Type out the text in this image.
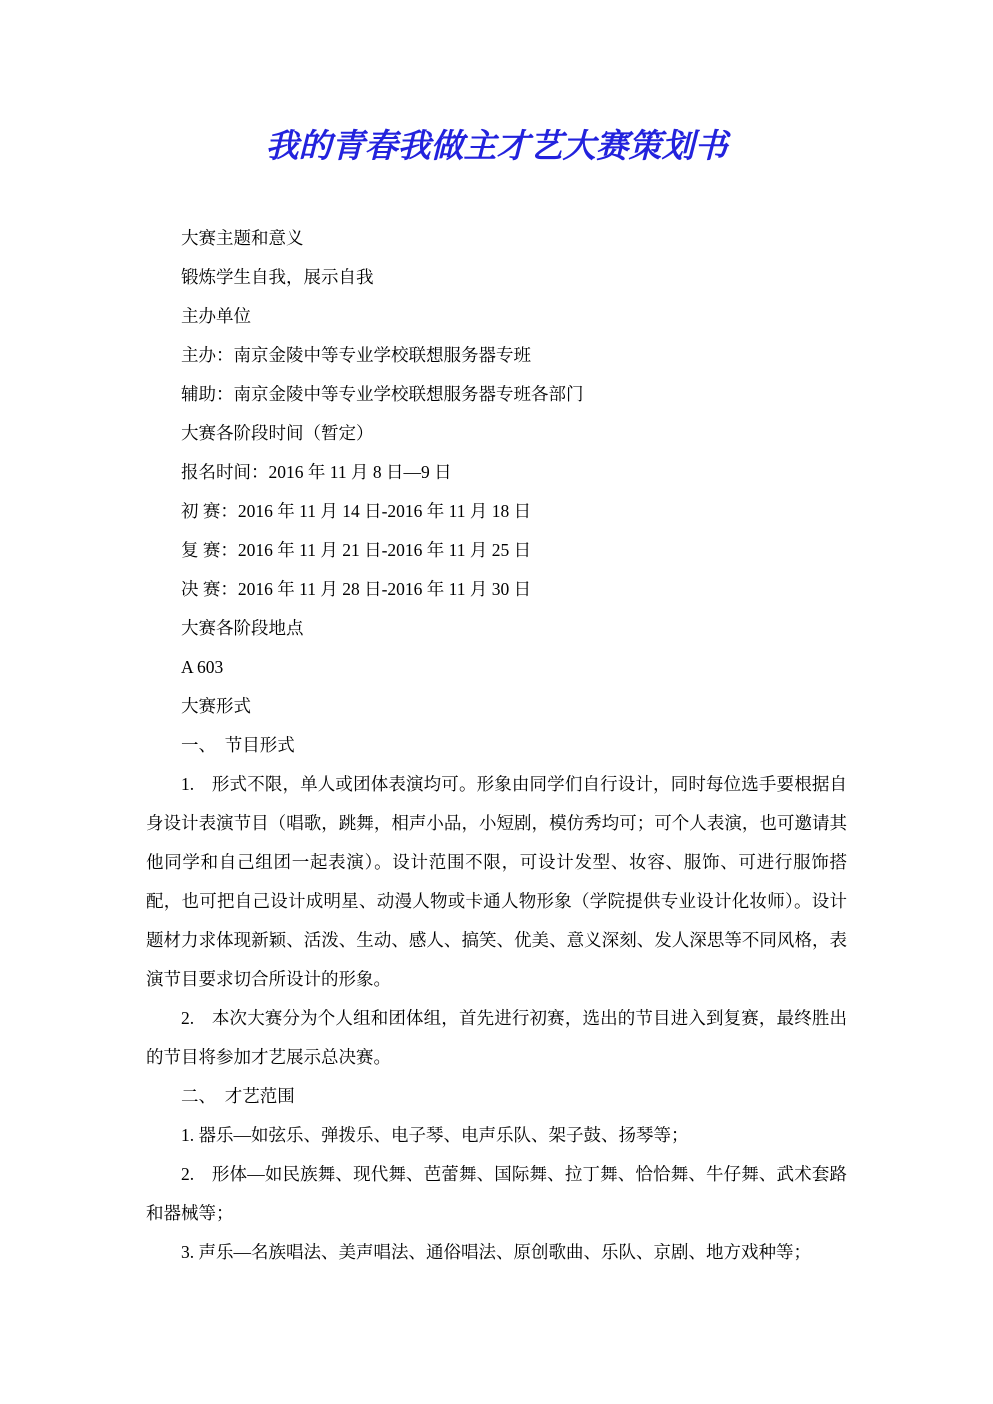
我的青春我做主才艺大赛策划书

大赛主题和意义

锻炼学生自我，展示自我

主办单位

主办：南京金陵中等专业学校联想服务器专班

辅助：南京金陵中等专业学校联想服务器专班各部门

大赛各阶段时间（暂定）

报名时间：2016 年 11 月 8 日—9 日

初 赛：2016 年 11 月 14 日-2016 年 11 月 18 日

复 赛：2016 年 11 月 21 日-2016 年 11 月 25 日

决 赛：2016 年 11 月 28 日-2016 年 11 月 30 日

大赛各阶段地点

A 603

大赛形式

一、　节目形式

1.　形式不限，单人或团体表演均可。形象由同学们自行设计，同时每位选手要根据自身设计表演节目（唱歌，跳舞，相声小品，小短剧，模仿秀均可；可个人表演，也可邀请其他同学和自己组团一起表演）。设计范围不限，可设计发型、妆容、服饰、可进行服饰搭配，也可把自己设计成明星、动漫人物或卡通人物形象（学院提供专业设计化妆师）。设计题材力求体现新颖、活泼、生动、感人、搞笑、优美、意义深刻、发人深思等不同风格，表演节目要求切合所设计的形象。

2.　本次大赛分为个人组和团体组，首先进行初赛，选出的节目进入到复赛，最终胜出的节目将参加才艺展示总决赛。

二、　才艺范围

1. 器乐—如弦乐、弹拨乐、电子琴、电声乐队、架子鼓、扬琴等；

2.　形体—如民族舞、现代舞、芭蕾舞、国际舞、拉丁舞、恰恰舞、牛仔舞、武术套路和器械等；

3. 声乐—名族唱法、美声唱法、通俗唱法、原创歌曲、乐队、京剧、地方戏种等；
